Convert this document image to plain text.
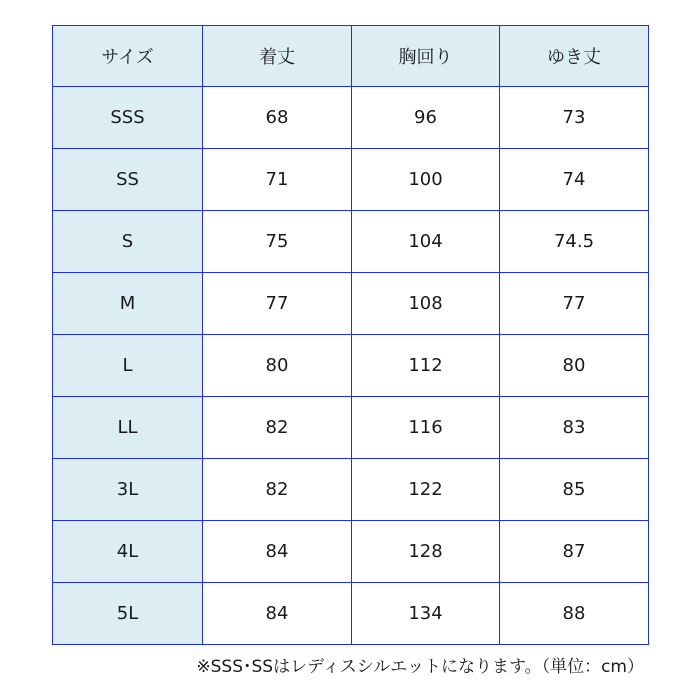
サイズ	着丈	胸回り	ゆき丈
SSS	68	96	73
SS	71	100	74
S	75	104	74.5
M	77	108	77
L	80	112	80
LL	82	116	83
3L	82	122	85
4L	84	128	87
5L	84	134	88
※SSS･SSはレディスシルエットになります。（単位：cm）
